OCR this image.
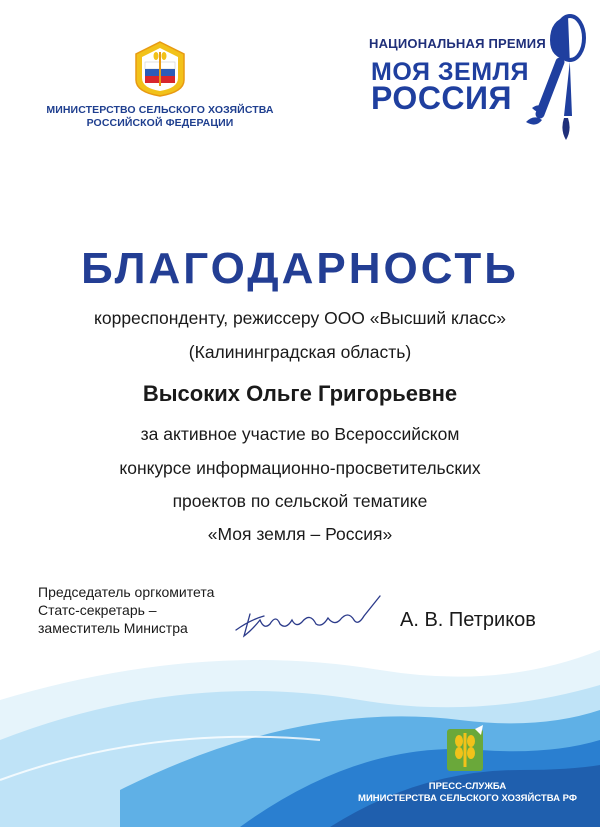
МИНИСТЕРСТВО СЕЛЬСКОГО ХОЗЯЙСТВА
РОССИЙСКОЙ ФЕДЕРАЦИИ
НАЦИОНАЛЬНАЯ ПРЕМИЯ
МОЯ ЗЕМЛЯ
РОССИЯ
БЛАГОДАРНОСТЬ
корреспонденту, режиссеру ООО «Высший класс»
(Калининградская область)
Высоких Ольге Григорьевне
за активное участие во Всероссийском
конкурсе информационно-просветительских
проектов по сельской тематике
«Моя земля – Россия»
Председатель оргкомитета
Статс-секретарь –
заместитель Министра	А. В. Петриков
ПРЕСС-СЛУЖБА
МИНИСТЕРСТВА СЕЛЬСКОГО ХОЗЯЙСТВА РФ
